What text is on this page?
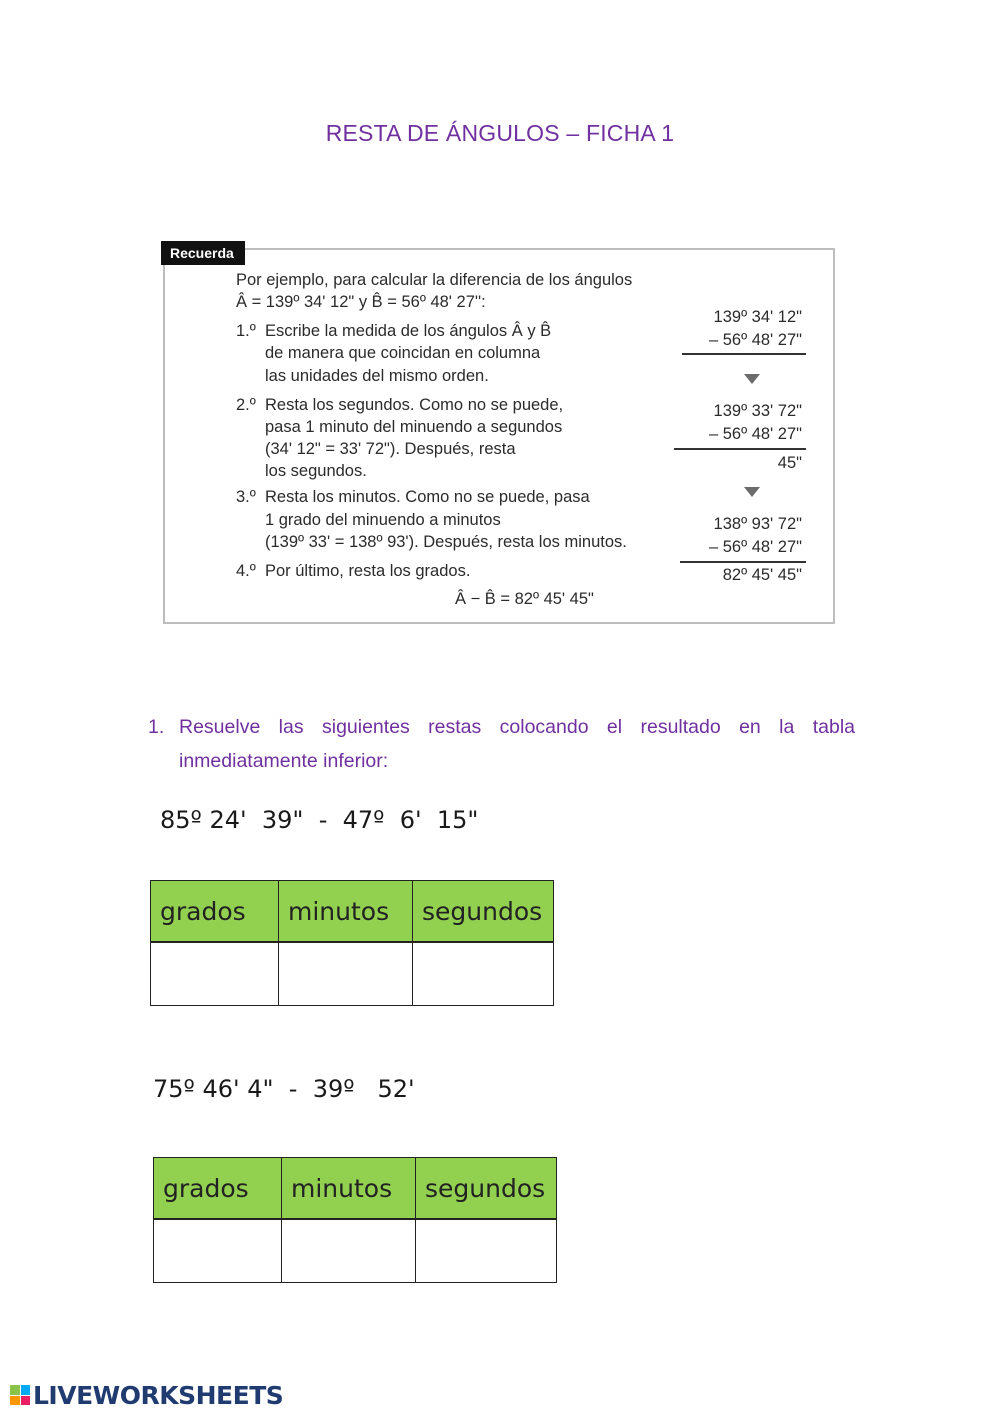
RESTA DE ÁNGULOS – FICHA 1
Recuerda
Por ejemplo, para calcular la diferencia de los ángulos
Â = 139º 34' 12" y B̂ = 56º 48' 27'':
1.º Escribe la medida de los ángulos Â y B̂
de manera que coincidan en columna
las unidades del mismo orden.
2.º Resta los segundos. Como no se puede,
pasa 1 minuto del minuendo a segundos
(34' 12" = 33' 72"). Después, resta
los segundos.
3.º Resta los minutos. Como no se puede, pasa
1 grado del minuendo a minutos
(139º 33' = 138º 93'). Después, resta los minutos.
4.º Por último, resta los grados.
Â − B̂ = 82º 45' 45"
139º 34' 12"
– 56º 48' 27"
139º 33' 72"
– 56º 48' 27"
45"
138º 93' 72"
– 56º 48' 27"
82º 45' 45"
1. Resuelve las siguientes restas colocando el resultado en la tabla inmediatamente inferior:
85º 24'  39"  -  47º  6'  15"
grados	minutos	segundos

75º 46' 4"  -  39º   52'
grados	minutos	segundos

LIVEWORKSHEETS
